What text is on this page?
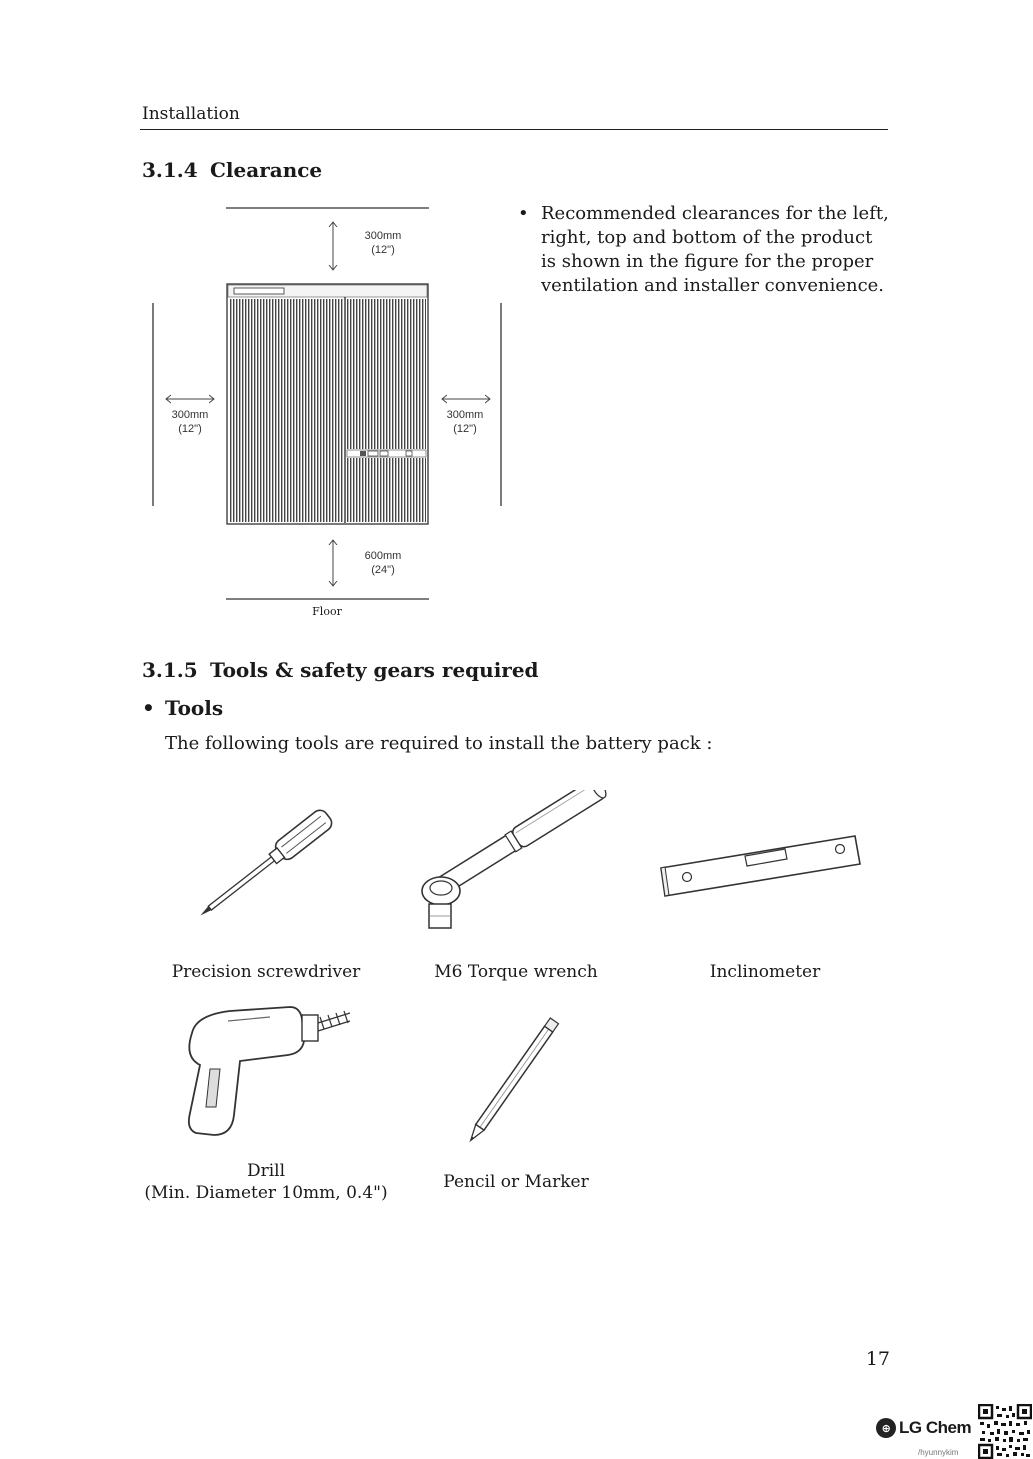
Installation
3.1.4 Clearance
300mm
(12")
300mm
(12")
300mm
(12")
600mm
(24")
Floor
• Recommended clearances for the left, right, top and bottom of the product is shown in the figure for the proper ventilation and installer convenience.
3.1.5 Tools & safety gears required
• Tools
The following tools are required to install the battery pack :
Precision screwdriver	M6 Torque wrench	Inclinometer
Drill
(Min. Diameter 10mm, 0.4")
Pencil or Marker
17
⊕ LG Chem
/hyunnykim
